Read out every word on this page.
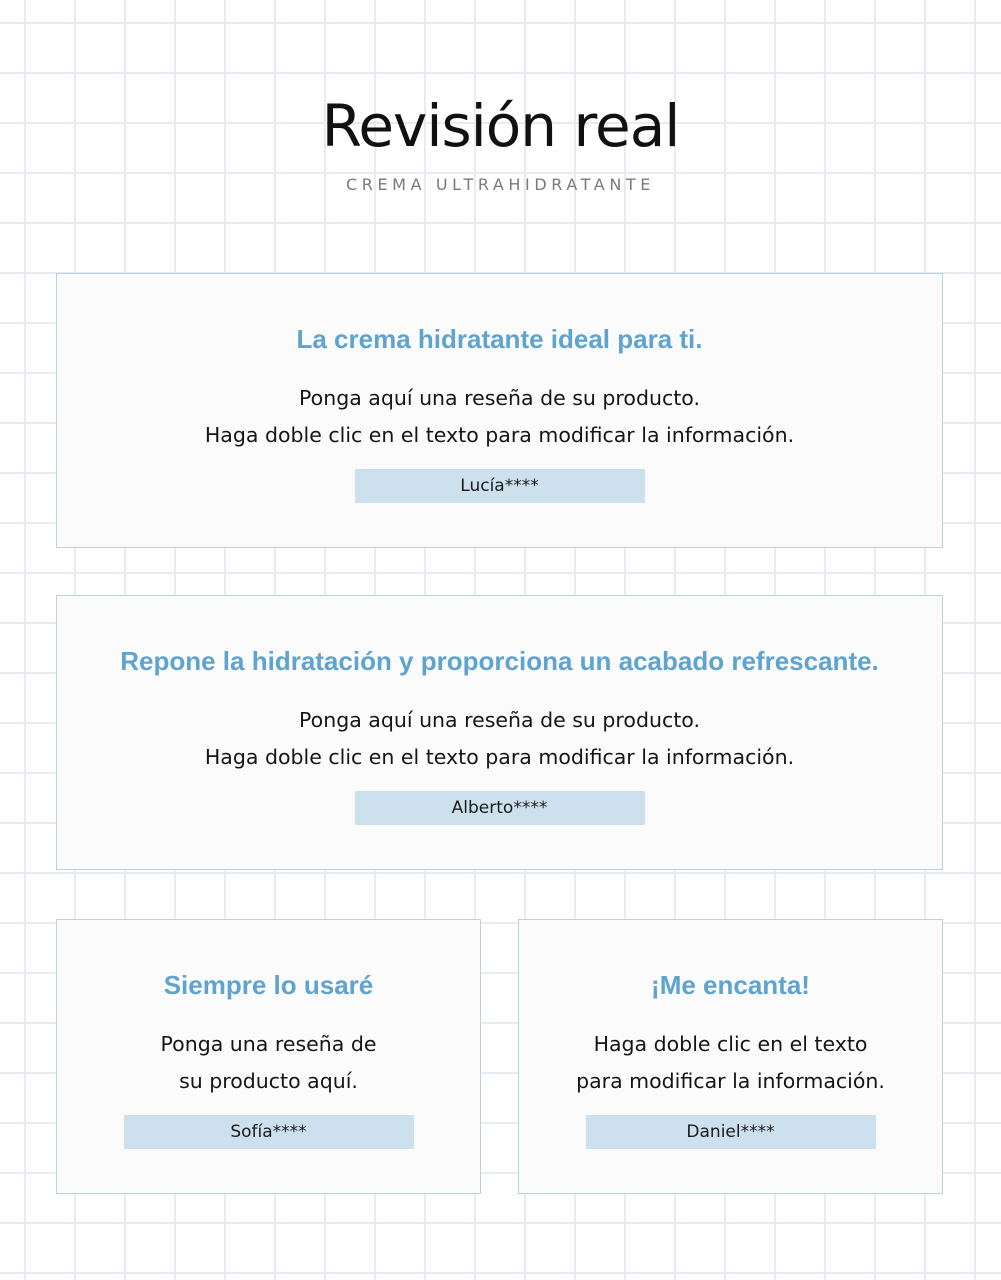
Revisión real
CREMA ULTRAHIDRATANTE
La crema hidratante ideal para ti.
Ponga aquí una reseña de su producto.
Haga doble clic en el texto para modificar la información.
Lucía****
Repone la hidratación y proporciona un acabado refrescante.
Ponga aquí una reseña de su producto.
Haga doble clic en el texto para modificar la información.
Alberto****
Siempre lo usaré
Ponga una reseña de
su producto aquí.
Sofía****
¡Me encanta!
Haga doble clic en el texto
para modificar la información.
Daniel****
